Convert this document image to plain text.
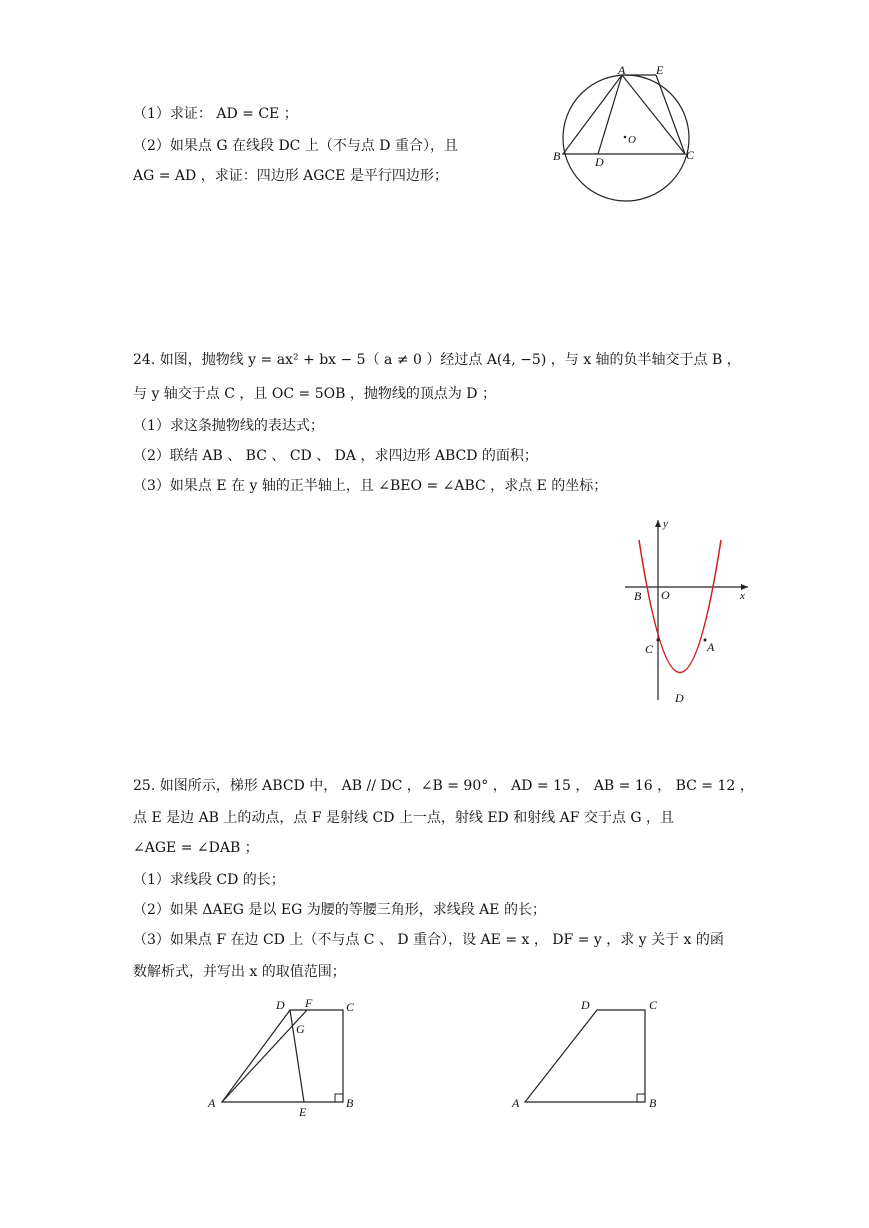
（1）求证： AD = CE ；
（2）如果点 G 在线段 DC 上（不与点 D 重合），且
AG = AD ，求证：四边形 AGCE 是平行四边形；
A	E
O
B	D	C
24. 如图，抛物线 y = ax² + bx − 5（ a ≠ 0 ）经过点 A(4, −5) ，与 x 轴的负半轴交于点 B ，
与 y 轴交于点 C ，且 OC = 5OB ，抛物线的顶点为 D ；
（1）求这条抛物线的表达式；
（2）联结 AB 、 BC 、 CD 、 DA ，求四边形 ABCD 的面积；
（3）如果点 E 在 y 轴的正半轴上，且 ∠BEO = ∠ABC ，求点 E 的坐标；
y
x
B O
C	A
D
25. 如图所示，梯形 ABCD 中， AB // DC ，∠B = 90° ， AD = 15 ， AB = 16 ， BC = 12 ，
点 E 是边 AB 上的动点，点 F 是射线 CD 上一点，射线 ED 和射线 AF 交于点 G ，且
∠AGE = ∠DAB ；
（1）求线段 CD 的长；
（2）如果 ΔAEG 是以 EG 为腰的等腰三角形，求线段 AE 的长；
（3）如果点 F 在边 CD 上（不与点 C 、 D 重合），设 AE = x ， DF = y ，求 y 关于 x 的函
数解析式，并写出 x 的取值范围；
D F	C
G
A
E
B
D	C
A	B
